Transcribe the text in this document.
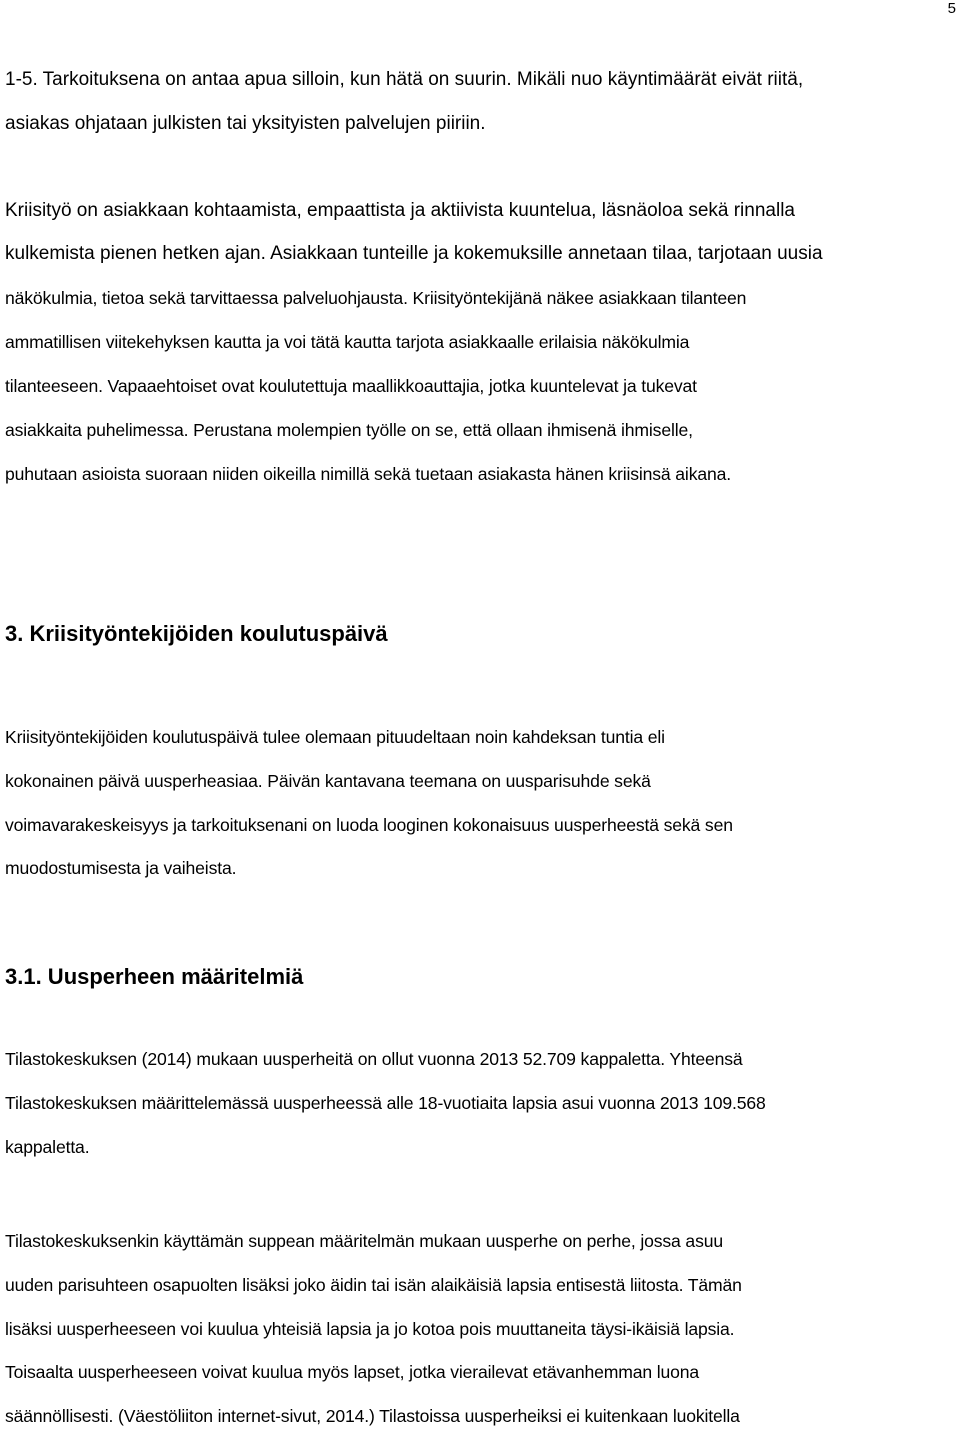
5
1-5. Tarkoituksena on antaa apua silloin, kun hätä on suurin. Mikäli nuo käyntimäärät eivät riitä,
asiakas ohjataan julkisten tai yksityisten palvelujen piiriin.
Kriisityö on asiakkaan kohtaamista, empaattista ja aktiivista kuuntelua, läsnäoloa sekä rinnalla
kulkemista pienen hetken ajan. Asiakkaan tunteille ja kokemuksille annetaan tilaa, tarjotaan uusia
näkökulmia, tietoa sekä tarvittaessa palveluohjausta. Kriisityöntekijänä näkee asiakkaan tilanteen
ammatillisen viitekehyksen kautta ja voi tätä kautta tarjota asiakkaalle erilaisia näkökulmia
tilanteeseen. Vapaaehtoiset ovat koulutettuja maallikkoauttajia, jotka kuuntelevat ja tukevat
asiakkaita puhelimessa. Perustana molempien työlle on se, että ollaan ihmisenä ihmiselle,
puhutaan asioista suoraan niiden oikeilla nimillä sekä tuetaan asiakasta hänen kriisinsä aikana.
3. Kriisityöntekijöiden koulutuspäivä
Kriisityöntekijöiden koulutuspäivä tulee olemaan pituudeltaan noin kahdeksan tuntia eli
kokonainen päivä uusperheasiaa. Päivän kantavana teemana on uusparisuhde sekä
voimavarakeskeisyys ja tarkoituksenani on luoda looginen kokonaisuus uusperheestä sekä sen
muodostumisesta ja vaiheista.
3.1. Uusperheen määritelmiä
Tilastokeskuksen (2014) mukaan uusperheitä on ollut vuonna 2013 52.709 kappaletta. Yhteensä
Tilastokeskuksen määrittelemässä uusperheessä alle 18-vuotiaita lapsia asui vuonna 2013 109.568
kappaletta.
Tilastokeskuksenkin käyttämän suppean määritelmän mukaan uusperhe on perhe, jossa asuu
uuden parisuhteen osapuolten lisäksi joko äidin tai isän alaikäisiä lapsia entisestä liitosta. Tämän
lisäksi uusperheeseen voi kuulua yhteisiä lapsia ja jo kotoa pois muuttaneita täysi-ikäisiä lapsia.
Toisaalta uusperheeseen voivat kuulua myös lapset, jotka vierailevat etävanhemman luona
säännöllisesti. (Väestöliiton internet-sivut, 2014.) Tilastoissa uusperheiksi ei kuitenkaan luokitella
